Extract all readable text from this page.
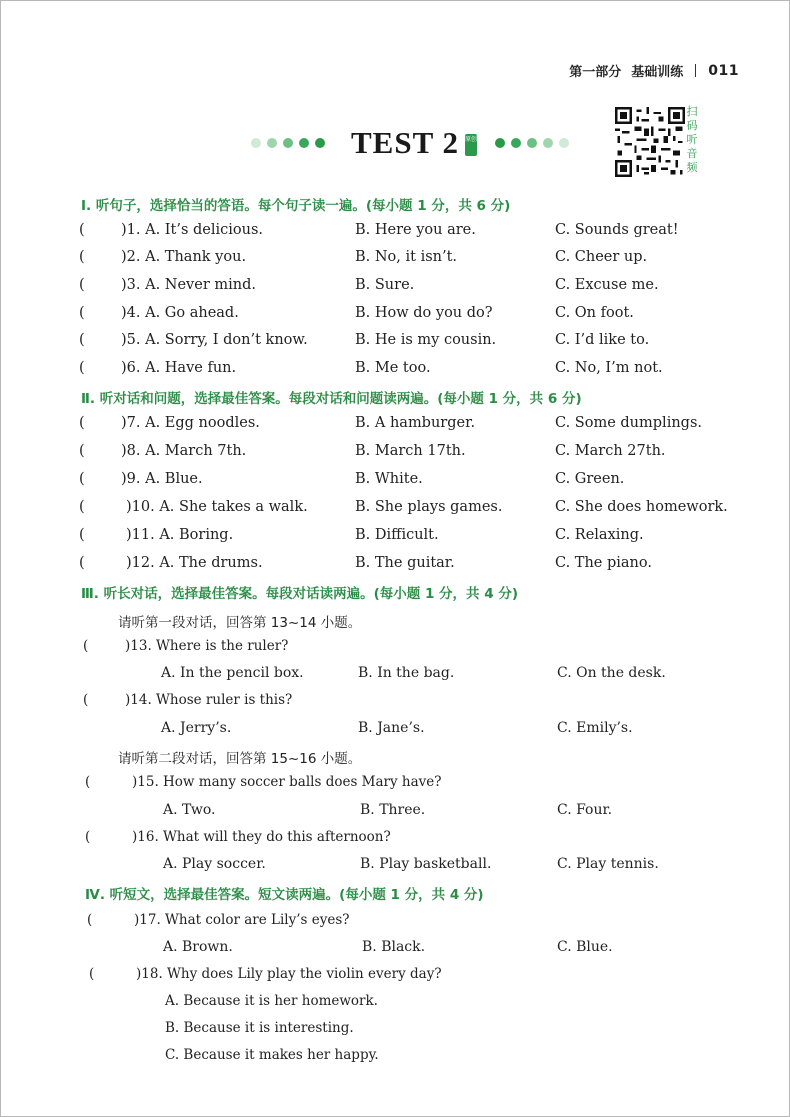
第一部分 基础训练 011
TEST 2 原创
扫码听音频
Ⅰ. 听句子，选择恰当的答语。每个句子读一遍。(每小题 1 分，共 6 分)
(	)1. A. It’s delicious.	B. Here you are.	C. Sounds great!
(	)2. A. Thank you.	B. No, it isn’t.	C. Cheer up.
(	)3. A. Never mind.	B. Sure.	C. Excuse me.
(	)4. A. Go ahead.	B. How do you do?	C. On foot.
(	)5. A. Sorry, I don’t know.	B. He is my cousin.	C. I’d like to.
(	)6. A. Have fun.	B. Me too.	C. No, I’m not.
Ⅱ. 听对话和问题，选择最佳答案。每段对话和问题读两遍。(每小题 1 分，共 6 分)
(	)7. A. Egg noodles.	B. A hamburger.	C. Some dumplings.
(	)8. A. March 7th.	B. March 17th.	C. March 27th.
(	)9. A. Blue.	B. White.	C. Green.
(	)10. A. She takes a walk.	B. She plays games.	C. She does homework.
(	)11. A. Boring.	B. Difficult.	C. Relaxing.
(	)12. A. The drums.	B. The guitar.	C. The piano.
Ⅲ. 听长对话，选择最佳答案。每段对话读两遍。(每小题 1 分，共 4 分)
请听第一段对话，回答第 13~14 小题。
(	)13. Where is the ruler?
A. In the pencil box.	B. In the bag.	C. On the desk.
(	)14. Whose ruler is this?
A. Jerry’s.	B. Jane’s.	C. Emily’s.
请听第二段对话，回答第 15~16 小题。
(	)15. How many soccer balls does Mary have?
A. Two.	B. Three.	C. Four.
(	)16. What will they do this afternoon?
A. Play soccer.	B. Play basketball.	C. Play tennis.
Ⅳ. 听短文，选择最佳答案。短文读两遍。(每小题 1 分，共 4 分)
(	)17. What color are Lily’s eyes?
A. Brown.	B. Black.	C. Blue.
(	)18. Why does Lily play the violin every day?
A. Because it is her homework.
B. Because it is interesting.
C. Because it makes her happy.
